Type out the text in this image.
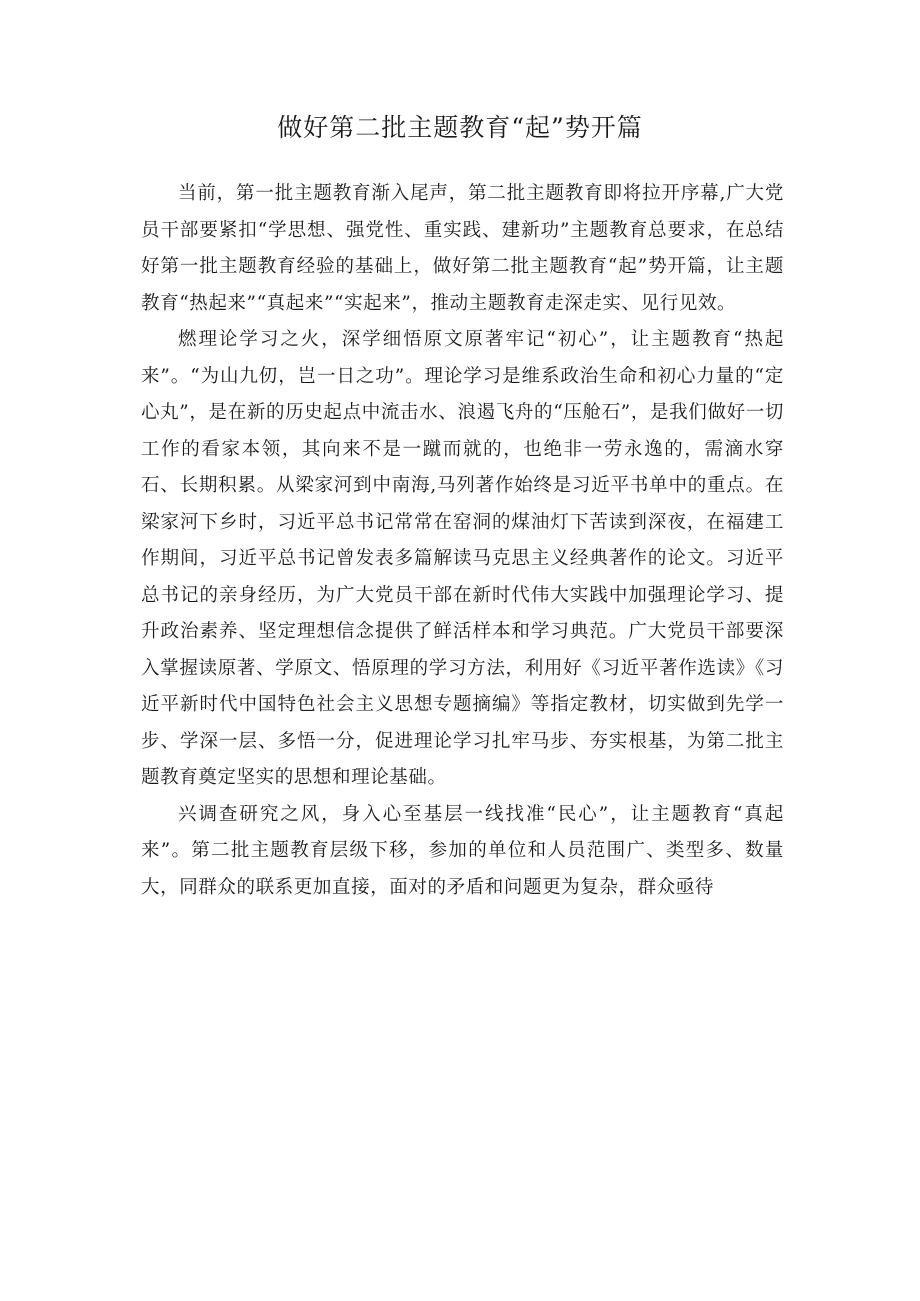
做好第二批主题教育“起”势开篇

当前，第一批主题教育渐入尾声，第二批主题教育即将拉开序幕,广大党员干部要紧扣“学思想、强党性、重实践、建新功”主题教育总要求，在总结好第一批主题教育经验的基础上，做好第二批主题教育“起”势开篇，让主题教育“热起来”“真起来”“实起来”，推动主题教育走深走实、见行见效。

燃理论学习之火，深学细悟原文原著牢记“初心”，让主题教育“热起来”。“为山九仞，岂一日之功”。理论学习是维系政治生命和初心力量的“定心丸”，是在新的历史起点中流击水、浪遏飞舟的“压舱石”，是我们做好一切工作的看家本领，其向来不是一蹴而就的，也绝非一劳永逸的，需滴水穿石、长期积累。从梁家河到中南海,马列著作始终是习近平书单中的重点。在梁家河下乡时，习近平总书记常常在窑洞的煤油灯下苦读到深夜，在福建工作期间，习近平总书记曾发表多篇解读马克思主义经典著作的论文。习近平总书记的亲身经历，为广大党员干部在新时代伟大实践中加强理论学习、提升政治素养、坚定理想信念提供了鲜活样本和学习典范。广大党员干部要深入掌握读原著、学原文、悟原理的学习方法，利用好《习近平著作选读》《习近平新时代中国特色社会主义思想专题摘编》等指定教材，切实做到先学一步、学深一层、多悟一分，促进理论学习扎牢马步、夯实根基，为第二批主题教育奠定坚实的思想和理论基础。

兴调查研究之风，身入心至基层一线找准“民心”，让主题教育“真起来”。第二批主题教育层级下移，参加的单位和人员范围广、类型多、数量大，同群众的联系更加直接，面对的矛盾和问题更为复杂，群众亟待
